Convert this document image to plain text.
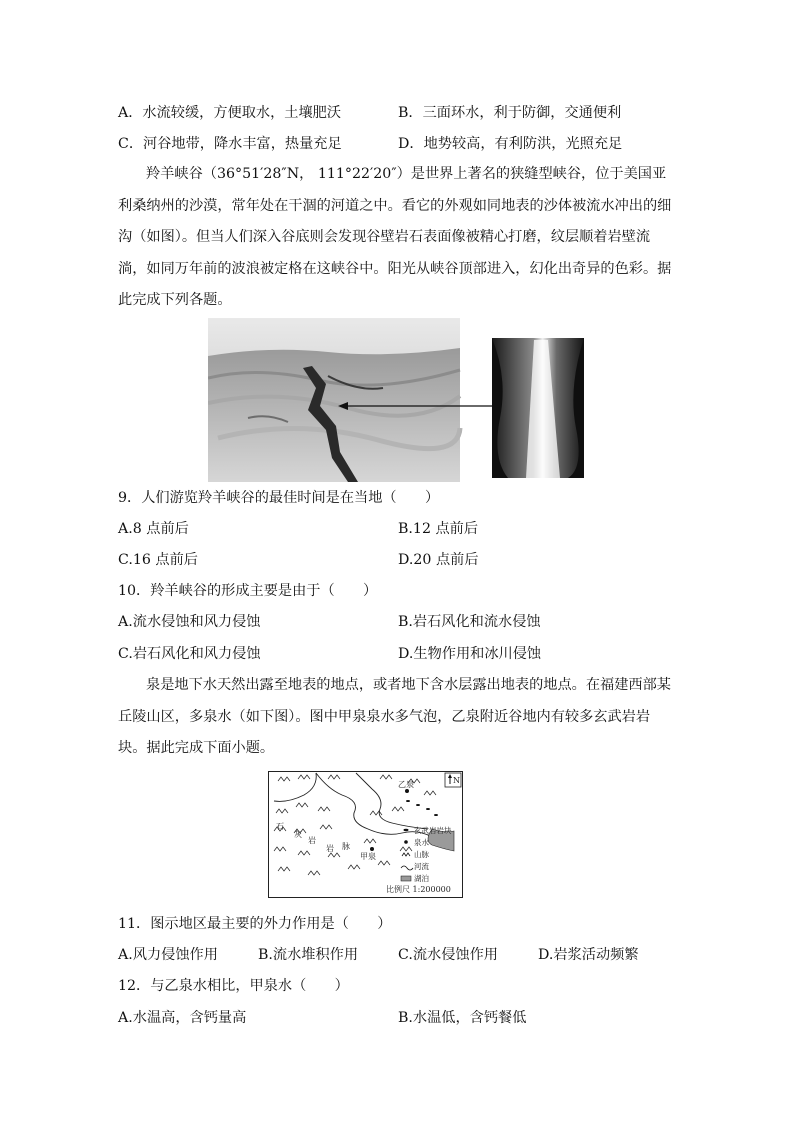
A．水流较缓，方便取水，土壤肥沃	B．三面环水，利于防御，交通便利
C．河谷地带，降水丰富，热量充足	D．地势较高，有利防洪，光照充足
羚羊峡谷（36°51′28″N， 111°22′20″）是世界上著名的狭缝型峡谷，位于美国亚利桑纳州的沙漠，常年处在干涸的河道之中。看它的外观如同地表的沙体被流水冲出的细沟（如图）。但当人们深入谷底则会发现谷壁岩石表面像被精心打磨，纹层顺着岩壁流淌，如同万年前的波浪被定格在这峡谷中。阳光从峡谷顶部进入，幻化出奇异的色彩。据此完成下列各题。
9．人们游览羚羊峡谷的最佳时间是在当地（　　）
A.8 点前后	B.12 点前后
C.16 点前后	D.20 点前后
10．羚羊峡谷的形成主要是由于（　　）
A.流水侵蚀和风力侵蚀	B.岩石风化和流水侵蚀
C.岩石风化和风力侵蚀	D.生物作用和冰川侵蚀
泉是地下水天然出露至地表的地点，或者地下含水层露出地表的地点。在福建西部某丘陵山区，多泉水（如下图）。图中甲泉泉水多气泡，乙泉附近谷地内有较多玄武岩岩块。据此完成下面小题。
N
乙泉
甲泉
石
灰
岩
岩 脉
比例尺 1:200000
玄武岩岩块
泉水
山脉
河流
湖泊
11．图示地区最主要的外力作用是（　　）
A.风力侵蚀作用	B.流水堆积作用	C.流水侵蚀作用	D.岩浆活动频繁
12．与乙泉水相比，甲泉水（　　）
A.水温高，含钙量高	B.水温低，含钙餐低
